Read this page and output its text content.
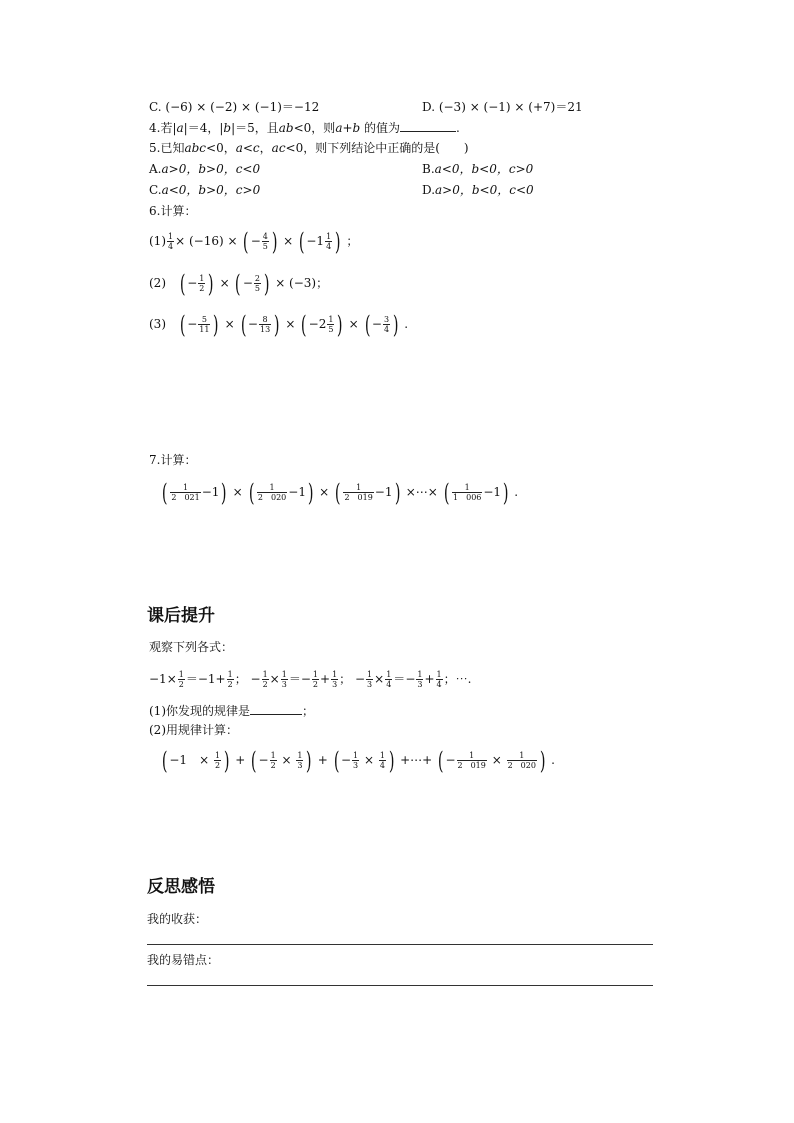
C. (−6) × (−2) × (−1)＝−12	D. (−3) × (−1) × (+7)＝21
4.若|a|＝4，|b|＝5，且ab<0，则a+b 的值为	.
5.已知abc<0，a<c，ac<0，则下列结论中正确的是(　　)
A.a>0，b>0，c<0	B.a<0，b<0，c>0
C.a<0，b>0，c>0	D.a>0，b<0，c<0
6.计算：
$(1) \frac{1}{4} \times (-16)$ × ( − $\frac{4}{5}$ ) × ( $-1 \frac{1}{4}$ ) ；
(2) ( − $\frac{1}{2}$ ) × ( − $\frac{2}{5}$ ) × (−3)；
(3) ( − $\frac{5}{11}$ ) × ( − $\frac{8}{13}$ ) × ( $-2 \frac{1}{5}$ ) × ( − $\frac{3}{4}$ ) .
7.计算：
( $\frac{1}{2 021} -1$) × ( $\frac{1}{2 020} -1$) × ( $\frac{1}{2 019} -1$) ×⋯× ( $\frac{1}{1 006} -1$) .
课后提升
观察下列各式：
$-1\times \frac{1}{2} =-1+ \frac{1}{2}$ ； − $\frac{1}{2} \times \frac{1}{3} =- \frac{1}{2} + \frac{1}{3}$ ； − $\frac{1}{3} \times \frac{1}{4} =- \frac{1}{3} + \frac{1}{4}$ ；⋯.
(1)你发现的规律是	；
(2)用规律计算：
( −1　× $\frac{1}{2}$ ) + ( − $\frac{1}{2} \times \frac{1}{3}$ ) + ( − $\frac{1}{3} \times \frac{1}{4}$ ) +⋯+ ( − $\frac{1}{2 019} \times \frac{1}{2 020}$ ) .
反思感悟
我的收获：
我的易错点：
